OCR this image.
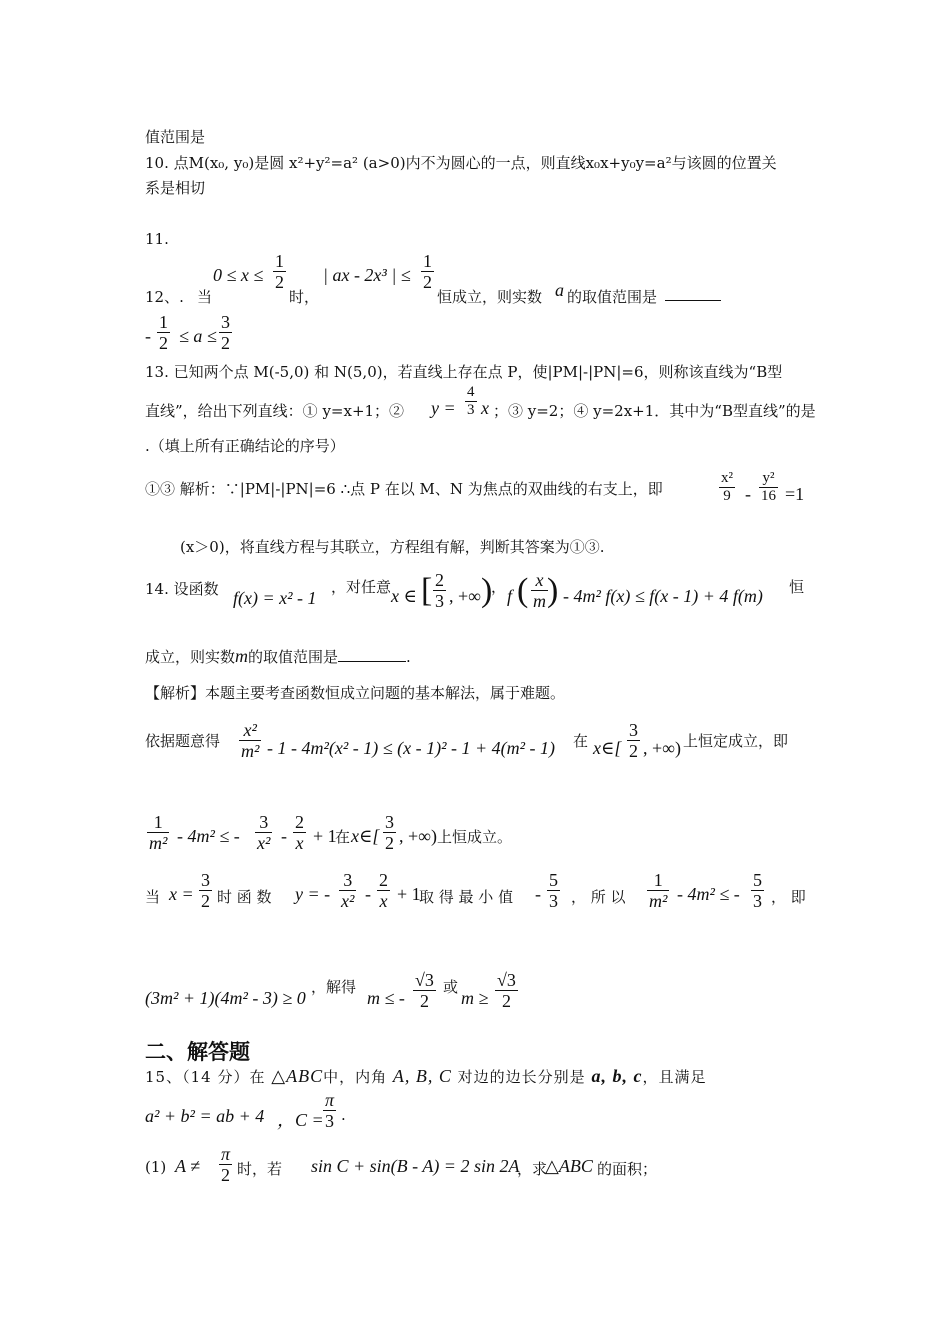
值范围是
10. 点M(x₀, y₀)是圆 x²+y²=a² (a>0)内不为圆心的一点，则直线x₀x+y₀y=a²与该圆的位置关
系是相切
11.
12、. 当
$0 \le x \le \frac{1}{2}$
时，
| ax - 2x³ | ≤ $\frac{1}{2}$
恒成立，则实数 a 的取值范围是
- $\frac{1}{2} \le a \le \frac{3}{2}$
13. 已知两个点 M(-5,0) 和 N(5,0)，若直线上存在点 P，使|PM|-|PN|=6，则称该直线为“B型
直线”，给出下列直线：① y=x+1；② $y = \frac{4}{3}$ x ；③ y=2；④ y=2x+1．其中为“B型直线”的是
.（填上所有正确结论的序号）
①③ 解析：∵|PM|-|PN|=6 ∴点 P 在以 M、N 为焦点的双曲线的右支上，即	$\frac{\text{x²}}{9} - \frac{\text{y²}}{16} =1$
(x＞0)，将直线方程与其联立，方程组有解，判断其答案为①③.
14. 设函数 f(x) = x² - 1
，对任意 x ∈ [ $\frac{2}{3}$ , +∞ )
， f ( $\frac{x}{m}$ ) - 4m² f(x) ≤ f(x - 1) + 4 f(m) 恒
成立，则实数m的取值范围是	.
【解析】本题主要考查函数恒成立问题的基本解法，属于难题。
依据题意得 $\frac{\text{x²}}{\text{m²}} - 1 - 4m^2(x^2 - 1) \le (x - 1)^2 - 1 + 4(m^2 - 1)$ 在 x∈[ $\frac{3}{2}$ , +∞) 上恒定成立，即
$\frac{1}{\text{m²}} - 4m^2$ ≤ - $\frac{3}{\text{x²}} - \frac{2}{x} + 1$
在 x∈[ $\frac{3}{2}$ , +∞) 上恒成立。
当 $x = \frac{3}{2}$ 时 函 数 y = - $\frac{3}{\text{x²}} - \frac{2}{x} + 1$
取 得 最 小 值 - $\frac{5}{3}$ ， 所 以 $\frac{1}{\text{m²}} - 4m^2$ ≤ - $\frac{5}{3}$ ， 即
(3m² + 1)(4m² - 3) ≥ 0
，解得
m ≤ - $\frac{√3}{2}$ 或
$m \ge \frac{√3}{2}$
二、解答题
15、（14 分）在 △ABC中，内角 A, B, C 对边的边长分别是 a, b, c，且满足
a² + b² = ab + 4 ，$C = \frac{\pi}{3}$ .
(1) $A \ne \frac{\pi}{2}$ 时，若 sin C + sin(B - A) = 2 sin 2A
，求
△ABC 的面积；
